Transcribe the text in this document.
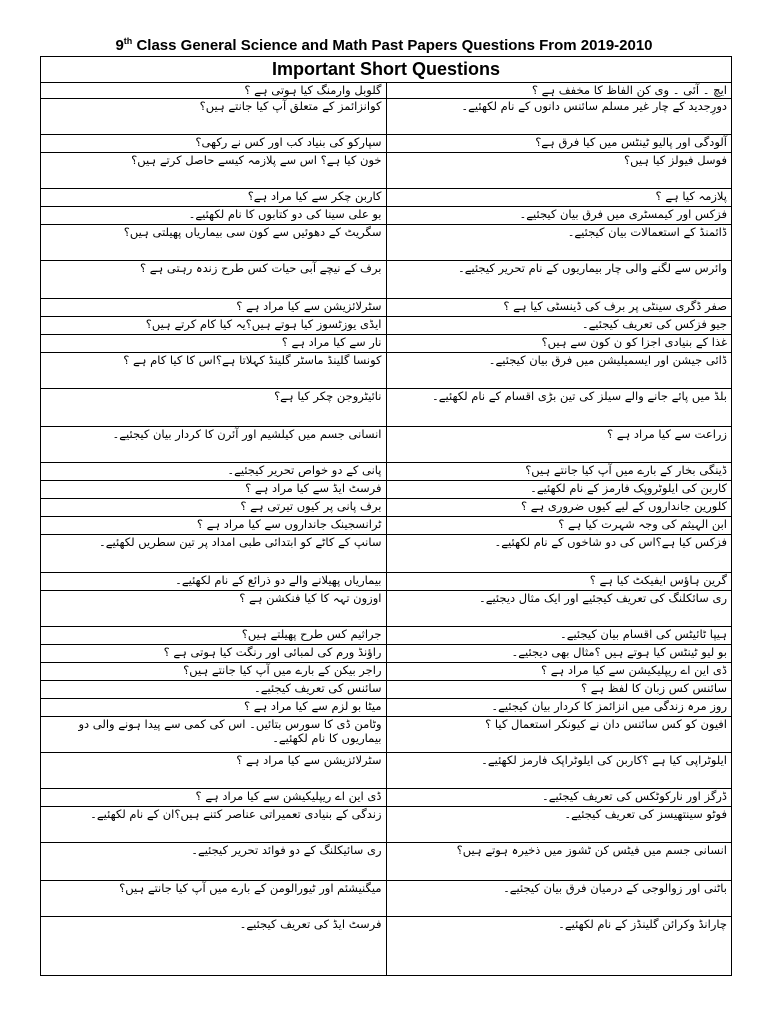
9th Class General Science and Math Past Papers Questions From 2019-2010
Important Short Questions
گلوبل وارمنگ کیا ہوتی ہے ؟	ایچ ۔ آئی ۔ وی کن الفاظ کا مخفف ہے ؟
کوانزائمز کے متعلق آپ کیا جانتے ہیں؟	دورِجدید کے چار غیر مسلم سائنس دانوں کے نام لکھئیے۔
سپارکو کی بنیاد کب اور کس نے رکھی؟	آلودگی اور پالیو ٹینٹس میں کیا فرق ہے؟
خون کیا ہے؟ اس سے پلازمہ کیسے حاصل کرتے ہیں؟	فوسل فیولز کیا ہیں؟
کاربن چکر سے کیا مراد ہے؟	پلازمہ کیا ہے ؟
بو علی سینا کی دو کتابوں کا نام لکھئیے۔	فزکس اور کیمسٹری میں فرق بیان کیجئیے۔
سگریٹ کے دھوئیں سے کون سی بیماریاں پھیلتی ہیں؟	ڈائمنڈ کے استعمالات بیان کیجئیے۔
برف کے نیچے آبی حیات کس طرح زندہ رہتی ہے ؟	وائرس سے لگنے والی چار بیماریوں کے نام تحریر کیجئیے۔
سٹرلائزیشن سے کیا مراد ہے ؟	صفر ڈگری سینٹی پر برف کی ڈینسٹی کیا ہے ؟
ایڈی یوزٹسوز کیا ہوتے ہیں؟یہ کیا کام کرتے ہیں؟	جیو فزکس کی تعریف کیجئیے۔
نار سے کیا مراد ہے ؟	غذا کے بنیادی اجزا کو ن کون سے ہیں؟
کونسا گلینڈ ماسٹر گلینڈ کہلاتا ہے؟اس کا کیا کام ہے ؟	ڈائی جیشن اور ایسمیلیشن میں فرق بیان کیجئیے۔
نائیٹروجن چکر کیا ہے؟	بلڈ میں پائے جانے والے سیلز کی تین بڑی اقسام کے نام لکھئیے۔
انسانی جسم میں کیلشیم اور آئرن کا کردار بیان کیجئیے۔	زراعت سے کیا مراد ہے ؟
پانی کے دو خواص تحریر کیجئیے۔	ڈینگی بخار کے بارے میں آپ کیا جانتے ہیں؟
فرسٹ ایڈ سے کیا مراد ہے ؟	کاربن کی ایلوٹروپک فارمز کے نام لکھئیے۔
برف پانی پر کیوں تیرتی ہے ؟	کلورین جانداروں کے لیے کیوں ضروری ہے ؟
ٹرانسجینک جانداروں سے کیا مراد ہے ؟	ابن الہیثم کی وجہ شہرت کیا ہے ؟
سانپ کے کاٹے کو ابتدائی طبی امداد پر تین سطریں لکھئیے۔	فزکس کیا ہے؟اس کی دو شاخوں کے نام لکھئیے۔
بیماریاں پھیلانے والے دو ذرائع کے نام لکھئیے۔	گرین ہاؤس ایفیکٹ کیا ہے ؟
اوزون تہہ کا کیا فنکشن ہے ؟	ری سائکلنگ کی تعریف کیجئیے اور ایک مثال دیجئیے۔
جراثیم کس طرح پھیلتے ہیں؟	ہیپا ٹائیٹس کی اقسام بیان کیجئیے۔
راؤنڈ ورم کی لمبائی اور رنگت کیا ہوتی ہے ؟	بو لیو ٹینٹس کیا ہوتے ہیں ؟مثال بھی دیجئیے۔
راجر بیکن کے بارے میں آپ کیا جانتے ہیں؟	ڈی این اے ریپلیکیشن سے کیا مراد ہے ؟
سائنس کی تعریف کیجئیے۔	سائنس کس زبان کا لفظ ہے ؟
میٹا بو لزم سے کیا مراد ہے ؟	روز مرہ زندگی میں انزائمز کا کردار بیان کیجئیے۔
وٹامن ڈی کا سورس بتائیں۔ اس کی کمی سے پیدا ہونے والی دو بیماریوں کا نام لکھئیے۔	افیون کو کس سائنس دان نے کیونکر استعمال کیا ؟
سٹرلائزیشن سے کیا مراد ہے ؟	ایلوٹراپی کیا ہے ؟کاربن کی ایلوٹراپک فارمز لکھئیے۔
ڈی این اے ریپلیکیشن سے کیا مراد ہے ؟	ڈرگز اور نارکوٹکس کی تعریف کیجئیے۔
زندگی کے بنیادی تعمیراتی عناصر کتنے ہیں؟ان کے نام لکھئیے۔	فوٹو سینتھیسز کی تعریف کیجئیے۔
ری سائیکلنگ کے دو فوائد تحریر کیجئیے۔	انسانی جسم میں فیٹس کن ٹشوز میں ذخیرہ ہوتے ہیں؟
میگنیشئم اور ٹیورالومن کے بارے میں آپ کیا جانتے ہیں؟	باٹنی اور زوالوجی کے درمیان فرق بیان کیجئیے۔
فرسٹ ایڈ کی تعریف کیجئیے۔	چارانڈ وکرائن گلینڈز کے نام لکھئیے۔
